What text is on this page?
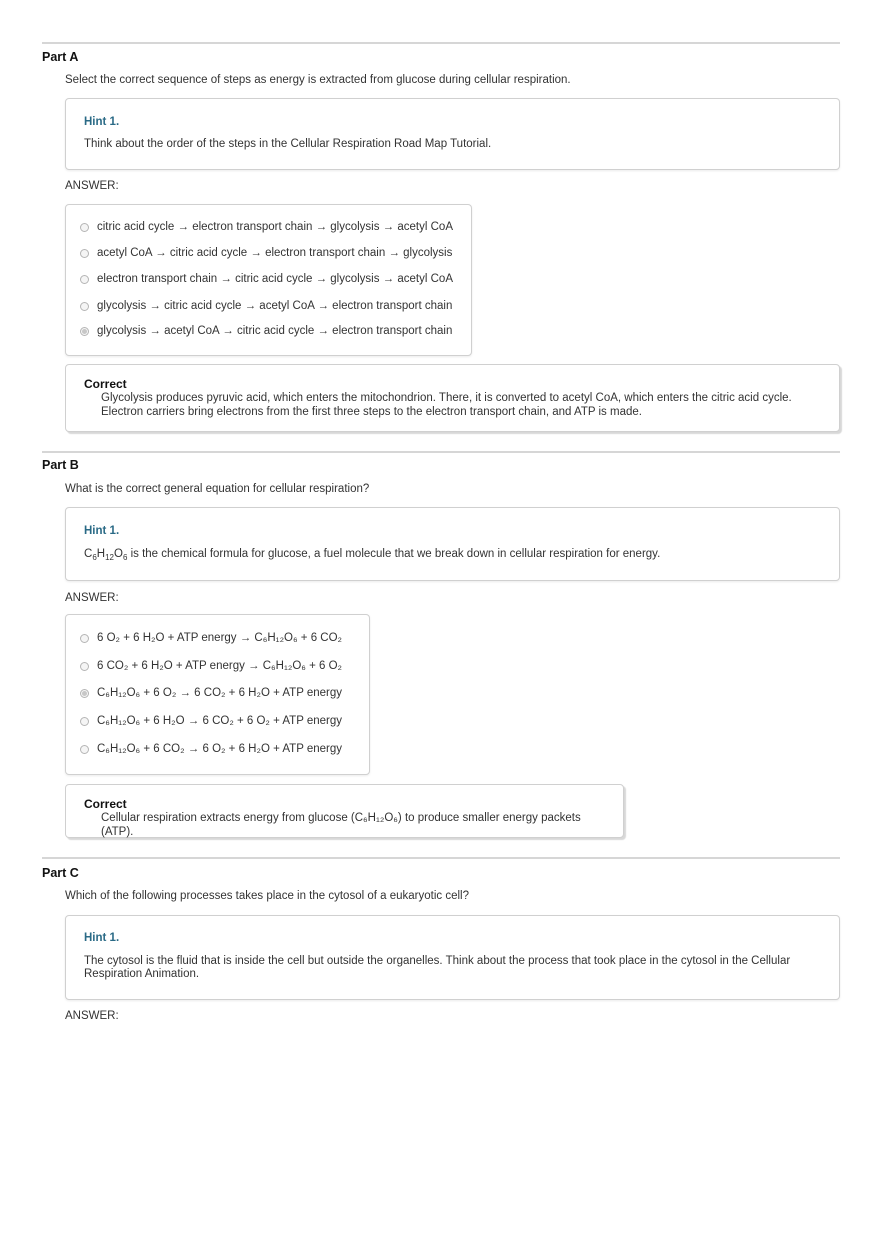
Part A
Select the correct sequence of steps as energy is extracted from glucose during cellular respiration.
Hint 1.
Think about the order of the steps in the Cellular Respiration Road Map Tutorial.
ANSWER:
citric acid cycle → electron transport chain → glycolysis → acetyl CoA
acetyl CoA → citric acid cycle → electron transport chain → glycolysis
electron transport chain → citric acid cycle → glycolysis → acetyl CoA
glycolysis → citric acid cycle → acetyl CoA → electron transport chain
glycolysis → acetyl CoA → citric acid cycle → electron transport chain
Correct
Glycolysis produces pyruvic acid, which enters the mitochondrion. There, it is converted to acetyl CoA, which enters the citric acid cycle. Electron carriers bring electrons from the first three steps to the electron transport chain, and ATP is made.
Part B
What is the correct general equation for cellular respiration?
Hint 1.
$C_6H_{12}O_6$ is the chemical formula for glucose, a fuel molecule that we break down in cellular respiration for energy.
ANSWER:
6 O₂ + 6 H₂O + ATP energy → C₆H₁₂O₆ + 6 CO₂
6 CO₂ + 6 H₂O + ATP energy → C₆H₁₂O₆ + 6 O₂
C₆H₁₂O₆ + 6 O₂ → 6 CO₂ + 6 H₂O + ATP energy
C₆H₁₂O₆ + 6 H₂O → 6 CO₂ + 6 O₂ + ATP energy
C₆H₁₂O₆ + 6 CO₂ → 6 O₂ + 6 H₂O + ATP energy
Correct
Cellular respiration extracts energy from glucose (C₆H₁₂O₆) to produce smaller energy packets (ATP).
Part C
Which of the following processes takes place in the cytosol of a eukaryotic cell?
Hint 1.
The cytosol is the fluid that is inside the cell but outside the organelles. Think about the process that took place in the cytosol in the Cellular Respiration Animation.
ANSWER:
